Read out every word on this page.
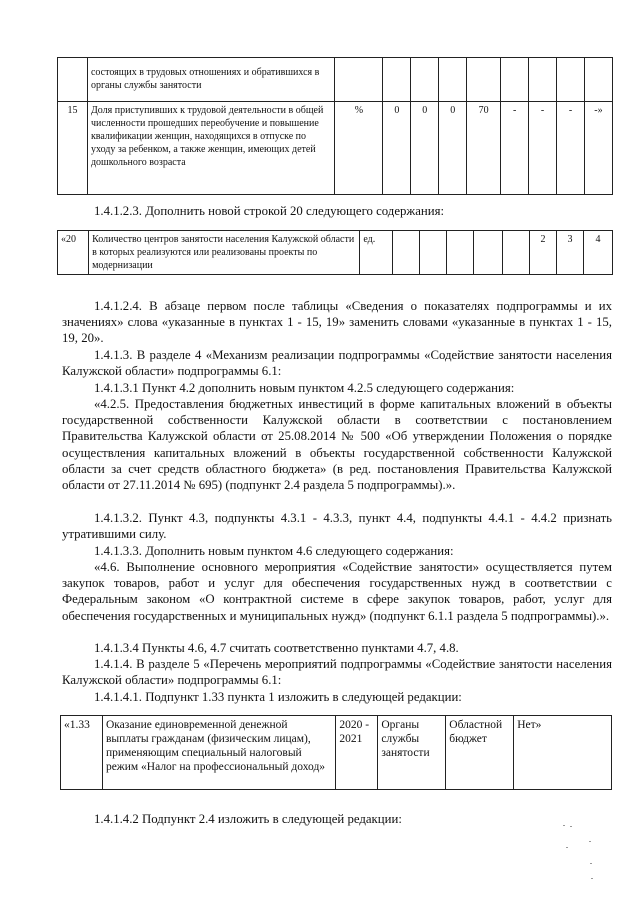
	состоящих в трудовых отношениях и обратившихся в органы службы занятости									
15	Доля приступивших к трудовой деятельности в общей численности прошедших переобучение и повышение квалификации женщин, находящихся в отпуске по уходу за ребенком, а также женщин, имеющих детей дошкольного возраста	%	0	0	0	70	-	-	-	-»

1.4.1.2.3. Дополнить новой строкой 20 следующего содержания:

«20	Количество центров занятости населения Калужской области в которых реализуются или реализованы проекты по модернизации	ед.						2	3	4

1.4.1.2.4. В абзаце первом после таблицы «Сведения о показателях подпрограммы и их значениях» слова «указанные в пунктах 1 - 15, 19» заменить словами «указанные в пунктах 1 - 15, 19, 20».

1.4.1.3. В разделе 4 «Механизм реализации подпрограммы «Содействие занятости населения Калужской области» подпрограммы 6.1:

1.4.1.3.1 Пункт 4.2 дополнить новым пунктом 4.2.5 следующего содержания:

«4.2.5. Предоставления бюджетных инвестиций в форме капитальных вложений в объекты государственной собственности Калужской области в соответствии с постановлением Правительства Калужской области от 25.08.2014 № 500 «Об утверждении Положения о порядке осуществления капитальных вложений в объекты государственной собственности Калужской области за счет средств областного бюджета» (в ред. постановления Правительства Калужской области от 27.11.2014 № 695) (подпункт 2.4 раздела 5 подпрограммы).».

1.4.1.3.2. Пункт 4.3, подпункты 4.3.1 - 4.3.3, пункт 4.4, подпункты 4.4.1 - 4.4.2 признать утратившими силу.

1.4.1.3.3. Дополнить новым пунктом 4.6 следующего содержания:

«4.6. Выполнение основного мероприятия «Содействие занятости» осуществляется путем закупок товаров, работ и услуг для обеспечения государственных нужд в соответствии с Федеральным законом «О контрактной системе в сфере закупок товаров, работ, услуг для обеспечения государственных и муниципальных нужд» (подпункт 6.1.1 раздела 5 подпрограммы).».

1.4.1.3.4 Пункты 4.6, 4.7 считать соответственно пунктами 4.7, 4.8.

1.4.1.4. В разделе 5 «Перечень мероприятий подпрограммы «Содействие занятости населения Калужской области» подпрограммы 6.1:

1.4.1.4.1. Подпункт 1.33 пункта 1 изложить в следующей редакции:

«1.33	Оказание единовременной денежной выплаты гражданам (физическим лицам), применяющим специальный налоговый режим «Налог на профессиональный доход»	2020 - 2021	Органы службы занятости	Областной бюджет	Нет»

1.4.1.4.2 Подпункт 2.4 изложить в следующей редакции:
